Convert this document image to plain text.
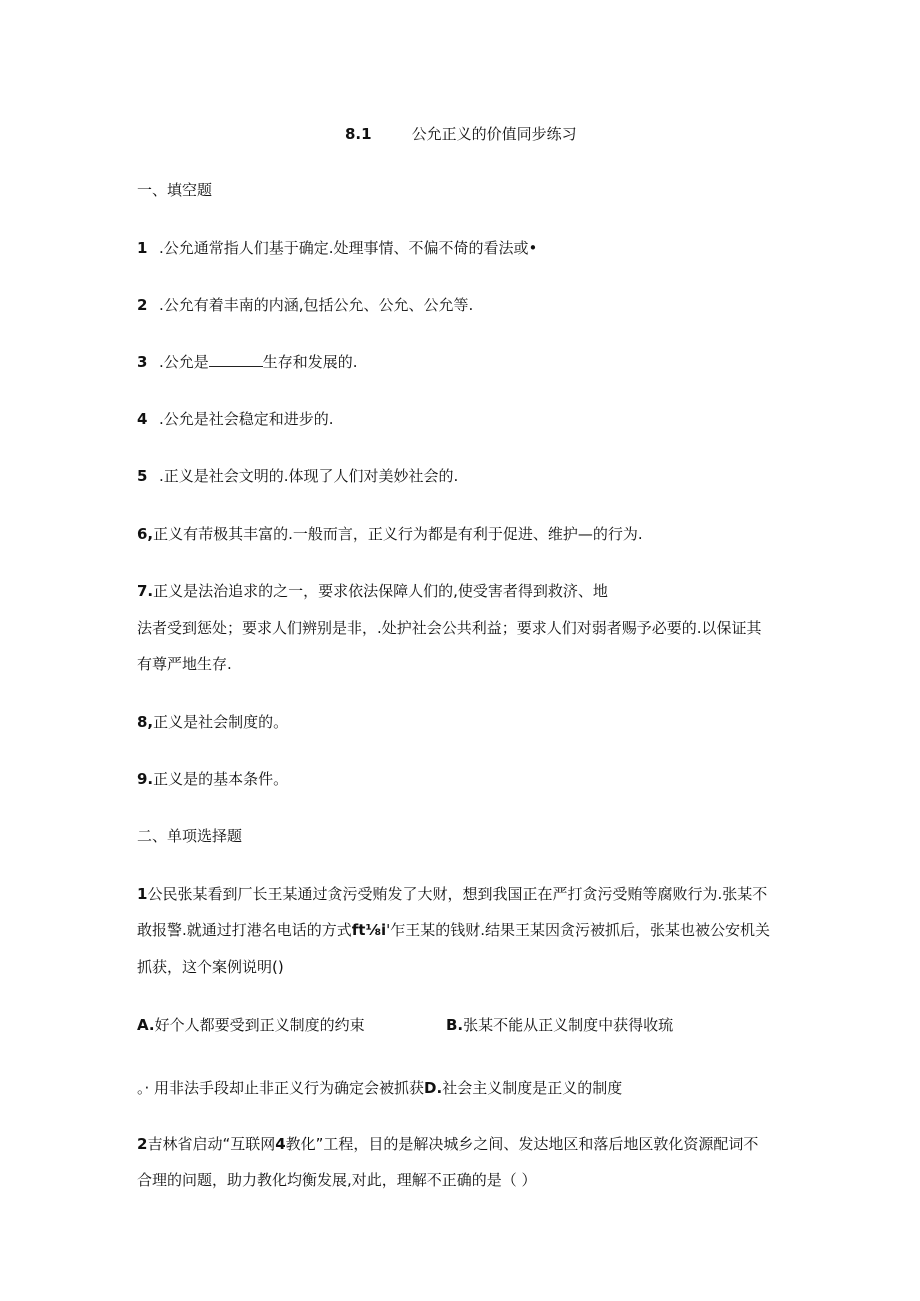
8.1	公允正义的价值同步练习
一、填空题
1 .公允通常指人们基于确定.处理事情、不偏不倚的看法或•
2 .公允有着丰南的内涵,包括公允、公允、公允等.
3 .公允是	生存和发展的.
4 .公允是社会稳定和进步的.
5 .正义是社会文明的.体现了人们对美妙社会的.
6,正义有芾极其丰富的.一般而言，正义行为都是有利于促进、维护—的行为.
7.正义是法治追求的之一，要求依法保障人们的,使受害者得到救济、地
法者受到惩处；要求人们辨别是非，.处护社会公共利益；要求人们对弱者赐予必要的.以保证其
有尊严地生存.
8,正义是社会制度的。
9.正义是的基本条件。
二、单项选择题
1公民张某看到厂长王某通过贪污受贿发了大财，想到我国正在严打贪污受贿等腐败行为.张某不
敢报警.就通过打港名电话的方式ft⅛i'乍王某的钱财.结果王某因贪污被抓后，张某也被公安机关
抓获，这个案例说明()
A.好个人都要受到正义制度的约束	B.张某不能从正义制度中获得收琉
。· 用非法手段却止非正义行为确定会被抓获D.社会主义制度是正义的制度
2吉林省启动“互联网4教化”工程，目的是解决城乡之间、发达地区和落后地区敦化资源配词不
合理的问题，助力教化均衡发展,对此，理解不正确的是（ ）
